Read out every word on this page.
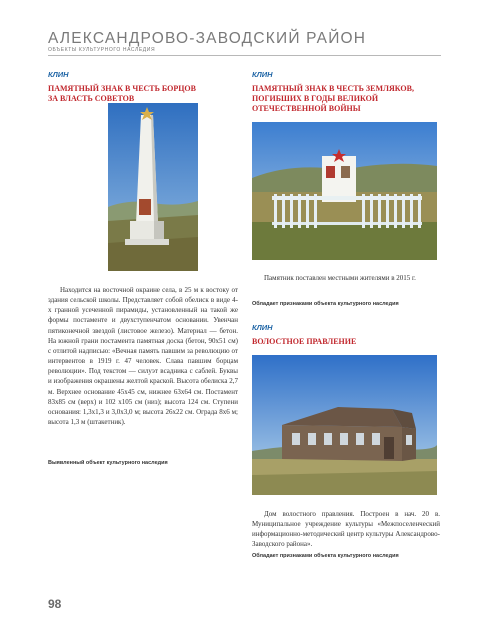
АЛЕКСАНДРОВО-ЗАВОДСКИЙ РАЙОН
ОБЪЕКТЫ КУЛЬТУРНОГО НАСЛЕДИЯ

КЛИН

ПАМЯТНЫЙ ЗНАК В ЧЕСТЬ БОРЦОВ

ЗА ВЛАСТЬ СОВЕТОВ

Находится на восточной окраине села, в 25 м к востоку от здания сельской школы. Представляет собой обелиск в виде 4-х гранной усеченной пирамиды, установленный на такой же формы постаменте и двухступенчатом основании. Увенчан пятиконечной звездой (листовое железо). Материал — бетон. На южной грани постамента памятная доска (бетон, 90х51 см) с отлитой надписью: «Вечная память павшим за революцию от интервентов в 1919 г. 47 человек. Слава павшим борцам революции». Под текстом — силуэт всадника с саблей. Буквы и изображения окрашены желтой краской. Высота обелиска 2,7 м. Верхнее основание 45х45 см, нижнее 63х64 см. Постамент 83х85 см (верх) и 102 х105 см (низ); высота 124 см. Ступени основания: 1,3х1,3 и 3,0х3,0 м; высота 26х22 см. Ограда 8х6 м; высота 1,3 м (штакетник).

Выявленный объект культурного наследия

КЛИН

ПАМЯТНЫЙ ЗНАК В ЧЕСТЬ ЗЕМЛЯКОВ,

ПОГИБШИХ В ГОДЫ ВЕЛИКОЙ

ОТЕЧЕСТВЕННОЙ ВОЙНЫ

Памятник поставлен местными жителями в 2015 г.

Обладает признаками объекта культурного наследия

КЛИН

ВОЛОСТНОЕ ПРАВЛЕНИЕ

Дом волостного правления. Построен в нач. 20 в. Муниципальное учреждение культуры «Межпоселенческий информационно-методический центр культуры Александрово-Заводского района».

Обладает признаками объекта культурного наследия

98
